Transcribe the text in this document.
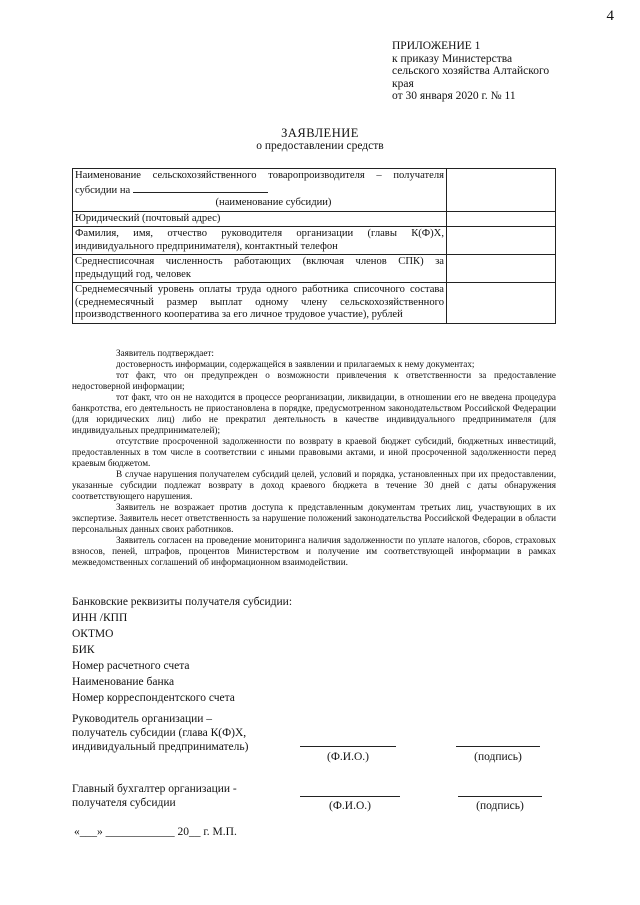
4
ПРИЛОЖЕНИЕ 1
к приказу Министерства
сельского хозяйства Алтайского
края
от 30 января 2020 г. № 11
ЗАЯВЛЕНИЕ
о предоставлении средств
Наименование сельскохозяйственного товаропроизводителя – получателя субсидии на
(наименование субсидии)	

Юридический (почтовый адрес)	
Фамилия, имя, отчество руководителя организации (главы К(Ф)Х, индивидуального предпринимателя), контактный телефон	
Среднесписочная численность работающих (включая членов СПК) за предыдущий год, человек	
Среднемесячный уровень оплаты труда одного работника списочного состава (среднемесячный размер выплат одному члену сельскохозяйственного производственного кооператива за его личное трудовое участие), рублей	

Заявитель подтверждает:

достоверность информации, содержащейся в заявлении и прилагаемых к нему документах;

тот факт, что он предупрежден о возможности привлечения к ответственности за предоставление недостоверной информации;

тот факт, что он не находится в процессе реорганизации, ликвидации, в отношении его не введена процедура банкротства, его деятельность не приостановлена в порядке, предусмотренном законодательством Российской Федерации (для юридических лиц) либо не прекратил деятельность в качестве индивидуального предпринимателя (для индивидуальных предпринимателей);

отсутствие просроченной задолженности по возврату в краевой бюджет субсидий, бюджетных инвестиций, предоставленных в том числе в соответствии с иными правовыми актами, и иной просроченной задолженности перед краевым бюджетом.

В случае нарушения получателем субсидий целей, условий и порядка, установленных при их предоставлении, указанные субсидии подлежат возврату в доход краевого бюджета в течение 30 дней с даты обнаружения соответствующего нарушения.

Заявитель не возражает против доступа к представленным документам третьих лиц, участвующих в их экспертизе. Заявитель несет ответственность за нарушение положений законодательства Российской Федерации в области персональных данных своих работников.

Заявитель согласен на проведение мониторинга наличия задолженности по уплате налогов, сборов, страховых взносов, пеней, штрафов, процентов Министерством и получение им соответствующей информации в рамках межведомственных соглашений об информационном взаимодействии.

Банковские реквизиты получателя субсидии:
ИНН /КПП
ОКТМО
БИК
Номер расчетного счета
Наименование банка
Номер корреспондентского счета
Руководитель организации –
получатель субсидии (глава К(Ф)Х,
индивидуальный предприниматель)
(Ф.И.О.)	(подпись)
Главный бухгалтер организации -
получателя субсидии	(Ф.И.О.)	(подпись)
«___» ____________ 20__ г. М.П.
